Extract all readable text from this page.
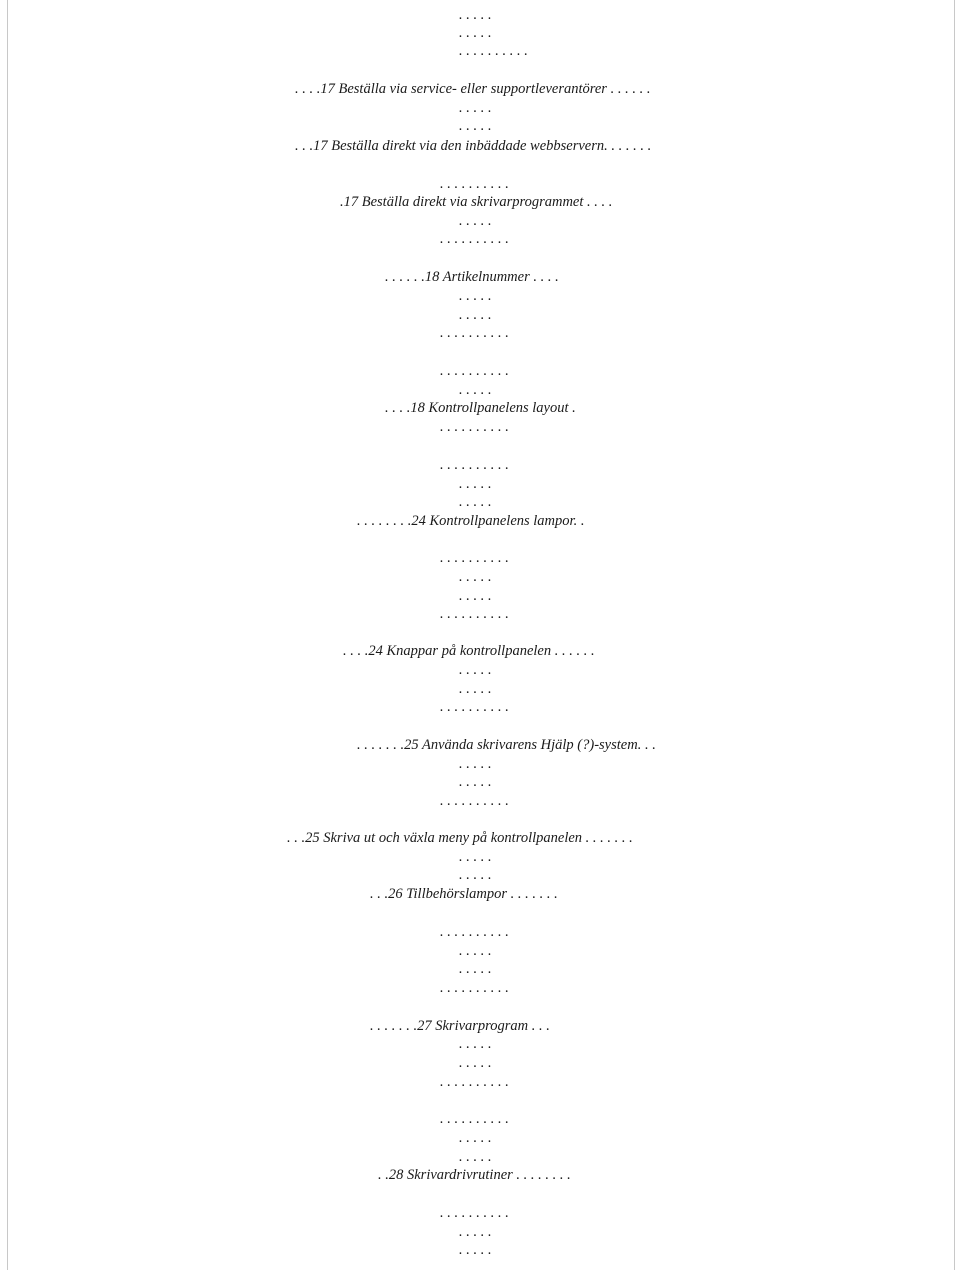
. . . . .

. . . . .

. . . . . . . . . .

. . . .17 Beställa via service- eller supportleverantörer . . . . . .

. . . . .

. . . . .

. . .17 Beställa direkt via den inbäddade webbservern. . . . . . .

. . . . . . . . . .

.17 Beställa direkt via skrivarprogrammet . . . .

. . . . .

. . . . . . . . . .

. . . . . .18 Artikelnummer . . . .

. . . . .

. . . . .

. . . . . . . . . .

. . . . . . . . . .

. . . . .

. . . .18 Kontrollpanelens layout .

. . . . . . . . . .

. . . . . . . . . .

. . . . .

. . . . .

. . . . . . . .24 Kontrollpanelens lampor. .

. . . . . . . . . .

. . . . .

. . . . .

. . . . . . . . . .

. . . .24 Knappar på kontrollpanelen . . . . . .

. . . . .

. . . . .

. . . . . . . . . .

. . . . . . .25 Använda skrivarens Hjälp (?)-system. . .

. . . . .

. . . . .

. . . . . . . . . .

. . .25 Skriva ut och växla meny på kontrollpanelen . . . . . . .

. . . . .

. . . . .

. . .26 Tillbehörslampor . . . . . . .

. . . . . . . . . .

. . . . .

. . . . .

. . . . . . . . . .

. . . . . . .27 Skrivarprogram . . .

. . . . .

. . . . .

. . . . . . . . . .

. . . . . . . . . .

. . . . .

. . . . .

. .28 Skrivardrivrutiner . . . . . . . .

. . . . . . . . . .

. . . . .

. . . . .
